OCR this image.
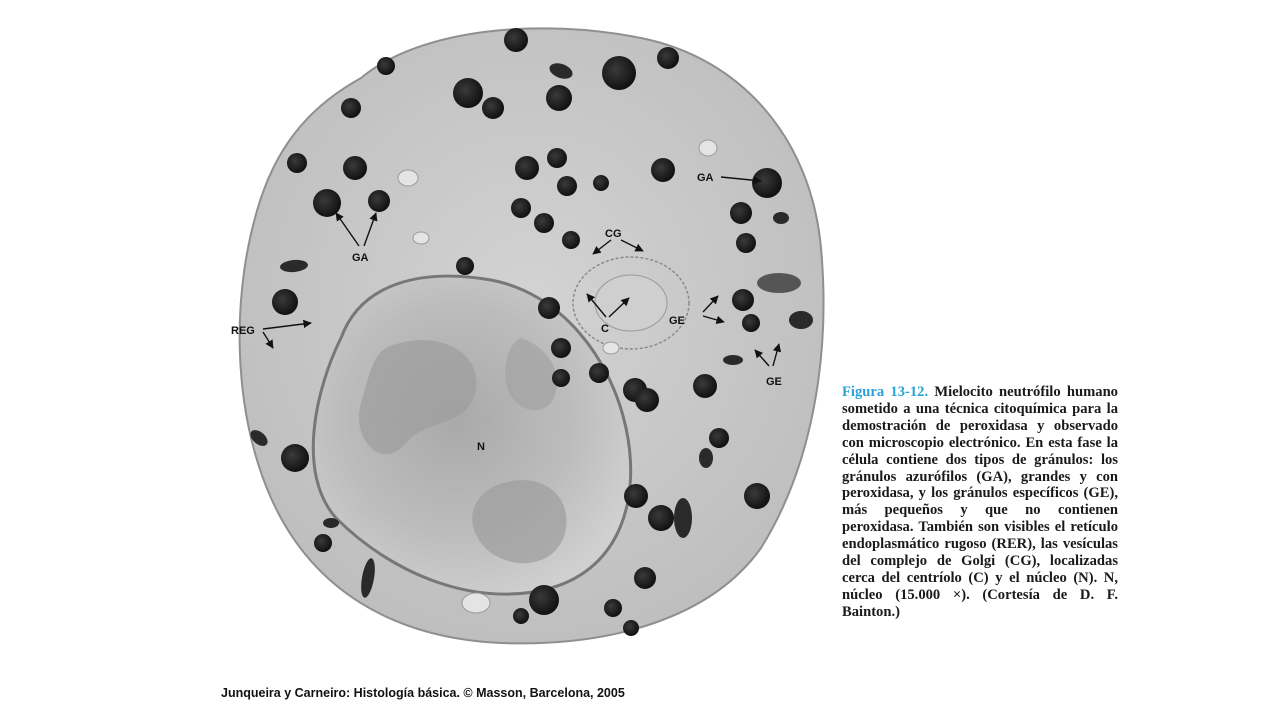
GA
GA
CG
REG	C
GE
GE
N
Figura 13-12. Mielocito neutrófilo humano sometido a una técnica citoquímica para la demostración de peroxidasa y observado con microscopio electrónico. En esta fase la célula contiene dos tipos de gránulos: los gránulos azurófilos (GA), grandes y con peroxidasa, y los gránulos específicos (GE), más pequeños y que no contienen peroxidasa. También son visibles el retículo endoplasmático rugoso (RER), las vesículas del complejo de Golgi (CG), localizadas cerca del centríolo (C) y el núcleo (N). N, núcleo (15.000 ×). (Cortesía de D. F. Bainton.)
Junqueira y Carneiro: Histología básica. © Masson, Barcelona, 2005
